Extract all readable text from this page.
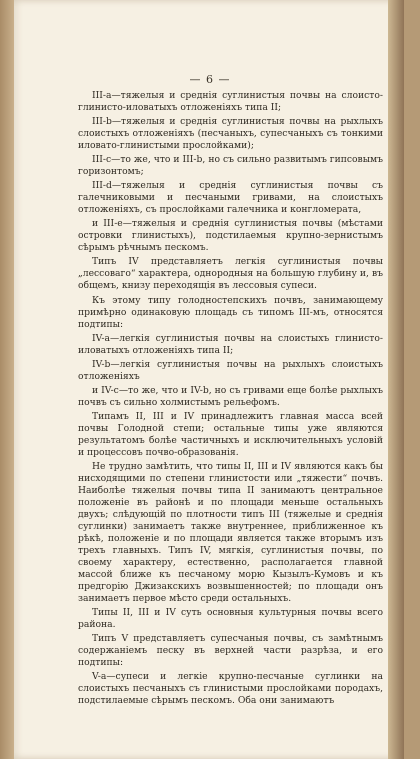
— 6 —

III-a—тяжелыя и среднія суглинистыя почвы на слоисто-глинисто-иловатыхъ отложеніяхъ типа II;

III-b—тяжелыя и среднія суглинистыя почвы на рыхлыхъ слоистыхъ отложеніяхъ (песчаныхъ, супесчаныхъ съ тонкими иловато-глинистыми прослойками);

III-c—то же, что и III-b, но съ сильно развитымъ гипсовымъ горизонтомъ;

III-d—тяжелыя и среднія суглинистыя почвы съ галечниковыми и песчаными гривами, на слоистыхъ отложеніяхъ, съ прослойками галечника и конгломерата,

и III-e—тяжелыя и среднія суглинистыя почвы (мѣстами островки глинистыхъ), подстилаемыя крупно-зернистымъ сѣрымъ рѣчнымъ пескомъ.

Типъ IV представляетъ легкія суглинистыя почвы „лессоваго“ характера, однородныя на большую глубину и, въ общемъ, книзу переходящія въ лессовыя супеси.

Къ этому типу голодностепскихъ почвъ, занимающему примѣрно одинаковую площадь съ типомъ III-мъ, относятся подтипы:

IV-a—легкія суглинистыя почвы на слоистыхъ глинисто-иловатыхъ отложеніяхъ типа II;

IV-b—легкія суглинистыя почвы на рыхлыхъ слоистыхъ отложеніяхъ

и IV-c—то же, что и IV-b, но съ гривами еще болѣе рыхлыхъ почвъ съ сильно холмистымъ рельефомъ.

Типамъ II, III и IV принадлежитъ главная масса всей почвы Голодной степи; остальные типы уже являются результатомъ болѣе частичныхъ и исключительныхъ условій и процессовъ почво-образованія.

Не трудно замѣтить, что типы II, III и IV являются какъ бы нисходящими по степени глинистости или „тяжести“ почвъ. Наиболѣе тяжелыя почвы типа II занимаютъ центральное положеніе въ районѣ и по площади меньше остальныхъ двухъ; слѣдующій по плотности типъ III (тяжелые и среднія суглинки) занимаетъ также внутреннее, приближенное къ рѣкѣ, положеніе и по площади является также вторымъ изъ трехъ главныхъ. Типъ IV, мягкія, суглинистыя почвы, по своему характеру, естественно, располагается главной массой ближе къ песчаному морю Кызылъ-Кумовъ и къ предгорію Джизакскихъ возвышенностей; по площади онъ занимаетъ первое мѣсто среди остальныхъ.

Типы II, III и IV суть основныя культурныя почвы всего района.

Типъ V представляетъ супесчаныя почвы, съ замѣтнымъ содержаніемъ песку въ верхней части разрѣза, и его подтипы:

V-a—супеси и легкіе крупно-песчаные суглинки на слоистыхъ песчаныхъ съ глинистыми прослойками породахъ, подстилаемые сѣрымъ пескомъ. Оба они занимаютъ
